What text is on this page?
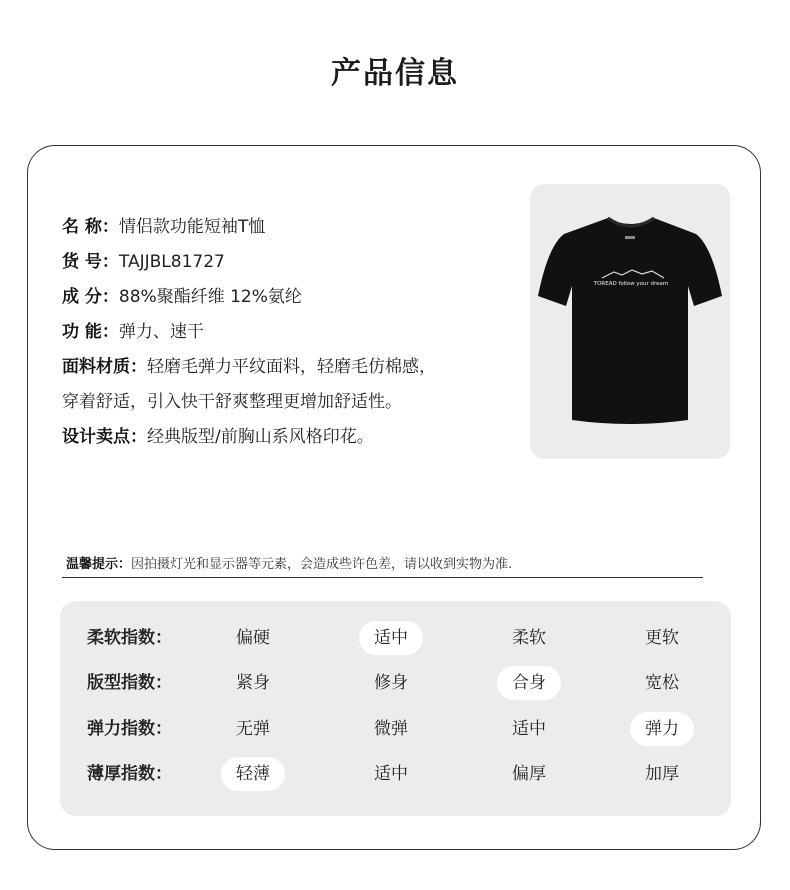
产品信息
名 称：情侣款功能短袖T恤
货 号：TAJJBL81727
成 分：88%聚酯纤维 12%氨纶
功 能：弹力、速干
面料材质：轻磨毛弹力平纹面料，轻磨毛仿棉感，穿着舒适，引入快干舒爽整理更增加舒适性。
设计卖点：经典版型/前胸山系风格印花。
TOREAD follow your dream
温馨提示：因拍摄灯光和显示器等元素，会造成些许色差，请以收到实物为准.
柔软指数：	偏硬	适中	柔软	更软
版型指数：	紧身	修身	合身	宽松
弹力指数：	无弹	微弹	适中	弹力
薄厚指数：	轻薄	适中	偏厚	加厚
